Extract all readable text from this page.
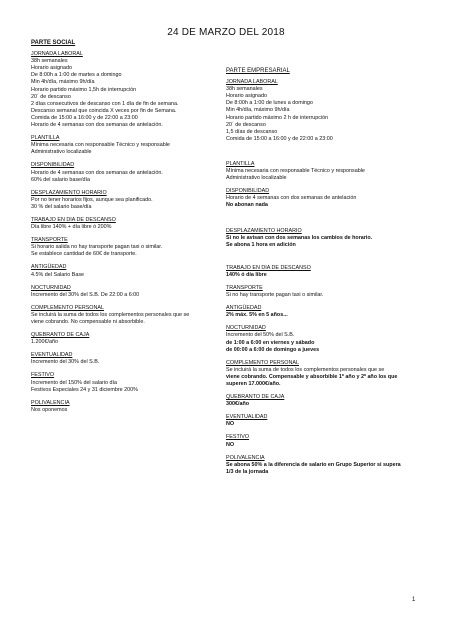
24 DE MARZO DEL 2018
PARTE SOCIAL
JORNADA LABORAL
38h semanales
Horario asignado
De 8:00h a 1:00 de martes a domingo
Min 4h/día, máximo 9h/día
Horario partido máximo 1,5h de interrupción
20´ de descanso
2 días consecutivos de descanso con 1 día de fin de semana.
Descanso semanal que coincida X veces por fin de Semana.
Comida de 15:00 a 16:00 y de 22:00 a 23:00
Horario de 4 semanas con dos semanas de antelación.
PLANTILLA
Mínima necesaria con responsable Técnico y responsable
Administrativo localizable
DISPONIBILIDAD
Horario de 4 semanas con dos semanas de antelación.
60% del salario base/día
DESPLAZAMIENTO HORARIO
Por no tener horarios fijos, aunque sea planificado.
30 % del salario base/día
TRABAJO EN DIA DE DESCANSO
Día libre 140% + día libre ó 200%
TRANSPORTE
Si horario salida no hay transporte pagan taxi o similar.
Se establece cantidad de 60€ de transporte.
ANTIGÜEDAD
4.5% del Salario Base
NOCTURNIDAD
Incremento del 30% del S.B. De 22:00 a 6:00
COMPLEMENTO PERSONAL
Se incluirá la suma de todos los complementos personales que se
viene cobrando. No compensable ni absorbible.
QUEBRANTO DE CAJA
1.200€/año
EVENTUALIDAD
Incremento del 30% del S.B.
FESTIVO
Incremento del 150% del salario día
Festivos Especiales 24 y 31 diciembre 200%
POLIVALENCIA
Nos oponemos
PARTE EMPRESARIAL
JORNADA LABORAL
38h semanales
Horario asignado
De 8:00h a 1:00 de lunes a domingo
Min 4h/día, máximo 9h/día
Horario partido máximo 2 h de interrupción
20´ de descanso
1,5 días de descanso
Comida de 15:00 a 16:00 y de 22:00 a 23:00
PLANTILLA
Mínima necesaria con responsable Técnico y responsable
Administrativo localizable
DISPONIBILIDAD
Horario de 4 semanas con dos semanas de antelación
No abonan nada
DESPLAZAMIENTO HORARIO
Si no le avisan con dos semanas los cambios de horario.
Se abona 1 hora en adición
TRABAJO EN DIA DE DESCANSO
140% ó día libre
TRANSPORTE
Si no hay transporte pagan taxi o similar.
ANTIGÜEDAD
2% máx. 5% en 5 años...
NOCTURNIDAD
Incremento del 50% del S.B.
de 1:00 a 6:00 en viernes y sábado
de 00:00 a 6:00 de domingo a jueves
COMPLEMENTO PERSONAL
Se incluirá la suma de todos los complementos personales que se
viene cobrando. Compensable y absorbible 1º año y 2º año los que
superen 17.000€/año.
QUEBRANTO DE CAJA
300€/año
EVENTUALIDAD
NO
FESTIVO
NO
POLIVALENCIA
Se abona 50% a la diferencia de salario en Grupo Superior si supera
1/3 de la jornada
1
